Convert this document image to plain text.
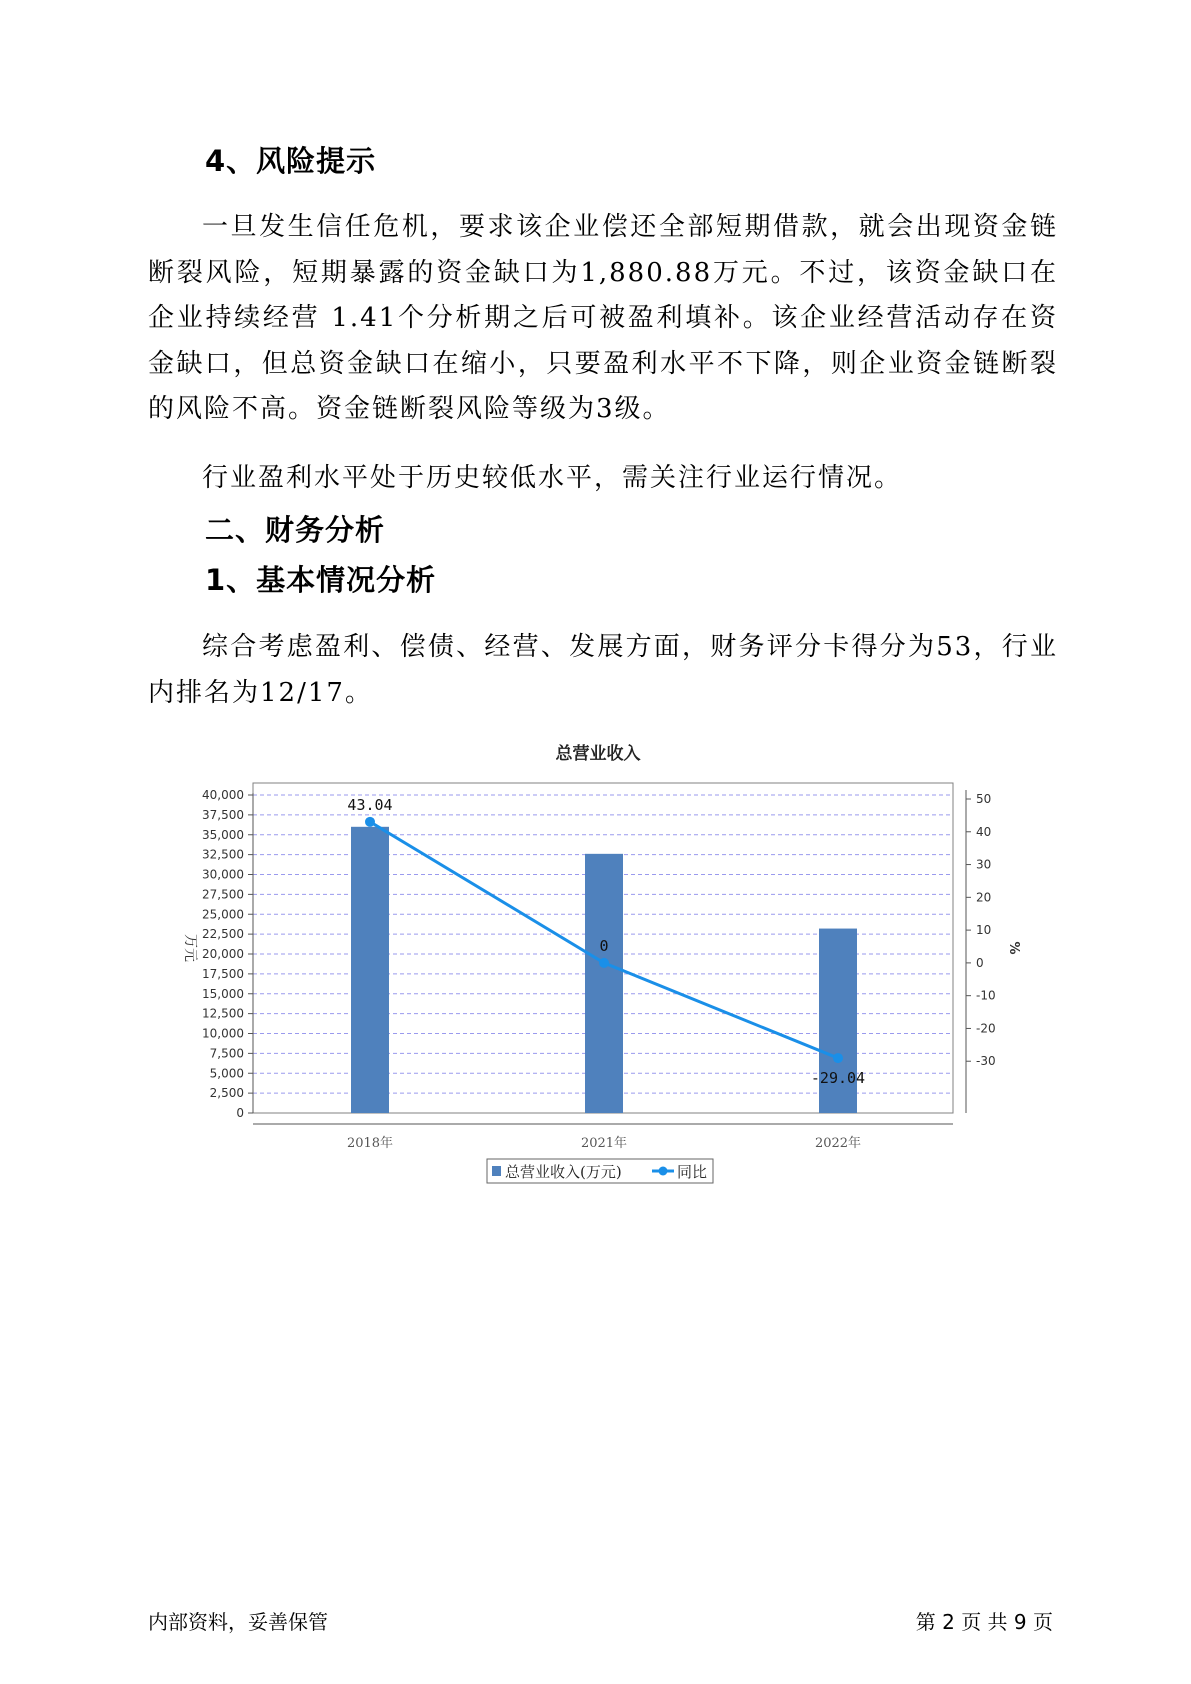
4、风险提示

一旦发生信任危机，要求该企业偿还全部短期借款，就会出现资金链断裂风险，短期暴露的资金缺口为1,880.88万元。不过，该资金缺口在企业持续经营 1.41个分析期之后可被盈利填补。该企业经营活动存在资金缺口，但总资金缺口在缩小，只要盈利水平不下降，则企业资金链断裂的风险不高。资金链断裂风险等级为3级。

行业盈利水平处于历史较低水平，需关注行业运行情况。

二、财务分析
1、基本情况分析

综合考虑盈利、偿债、经营、发展方面，财务评分卡得分为53，行业内排名为12/17。

总营业收入
0
2,500
5,000
7,500
10,000
12,500
15,000
17,500
20,000
22,500
25,000
27,500
30,000
32,500
35,000
37,500
40,000	50
40
30
20
10
0
-10
-20
-30
万元	%
2018年	2021年	2022年
43.04
0
-29.04
总营业收入(万元)	同比
内部资料，妥善保管	第 2 页 共 9 页
